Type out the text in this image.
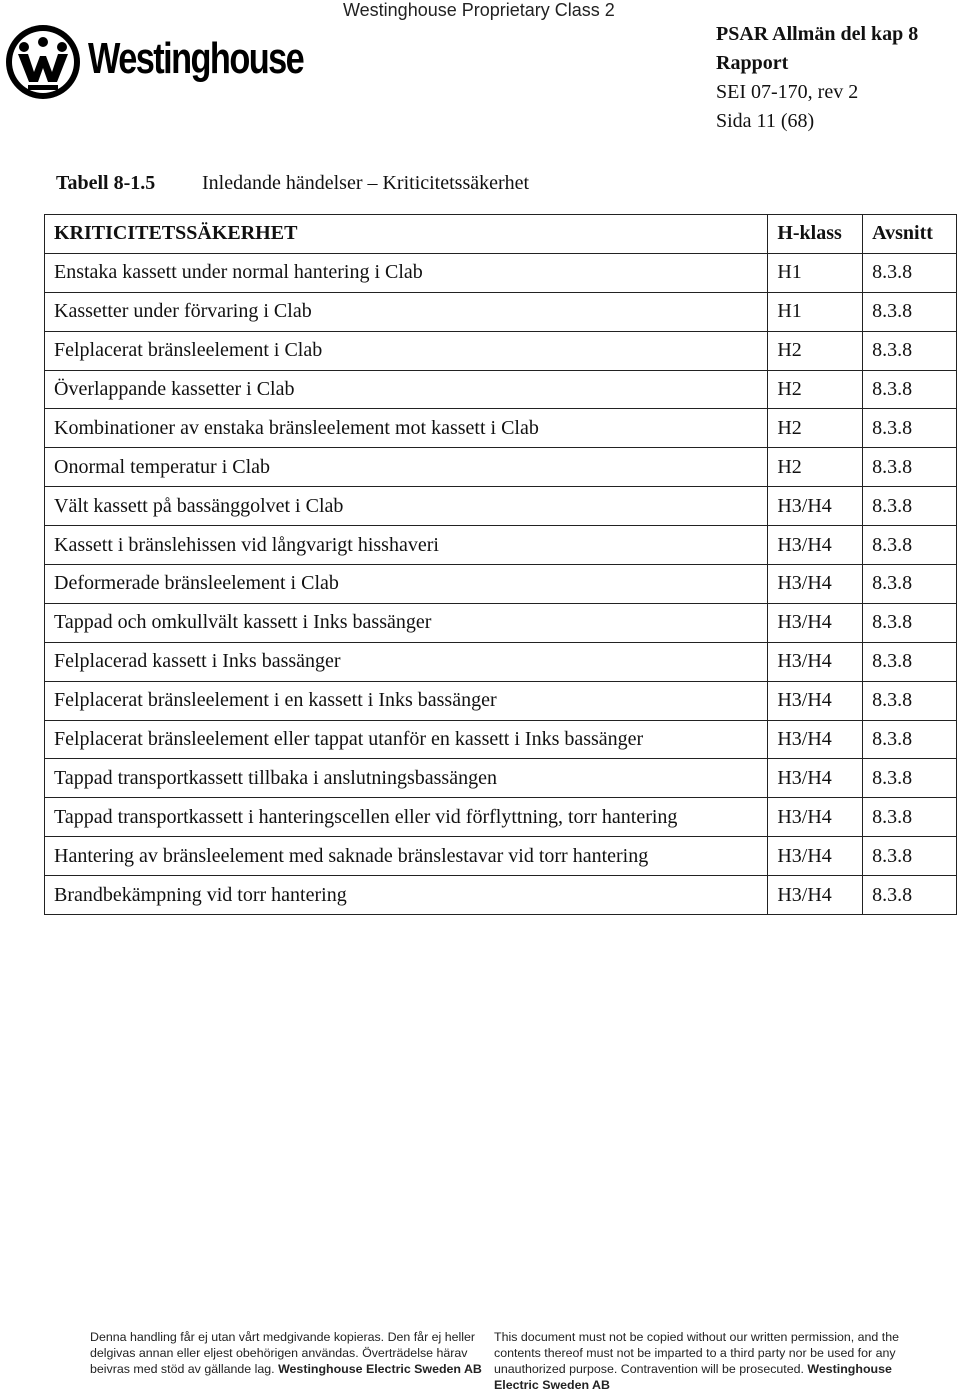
Westinghouse Proprietary Class 2
Westinghouse	PSAR Allmän del kap 8
Rapport
SEI 07-170, rev 2
Sida 11 (68)
Tabell 8-1.5 Inledande händelser – Kriticitetssäkerhet
KRITICITETSSÄKERHET	H-klass	Avsnitt
Enstaka kassett under normal hantering i Clab	H1	8.3.8
Kassetter under förvaring i Clab	H1	8.3.8
Felplacerat bränsleelement i Clab	H2	8.3.8
Överlappande kassetter i Clab	H2	8.3.8
Kombinationer av enstaka bränsleelement mot kassett i Clab	H2	8.3.8
Onormal temperatur i Clab	H2	8.3.8
Vält kassett på bassänggolvet i Clab	H3/H4	8.3.8
Kassett i bränslehissen vid långvarigt hisshaveri	H3/H4	8.3.8
Deformerade bränsleelement i Clab	H3/H4	8.3.8
Tappad och omkullvält kassett i Inks bassänger	H3/H4	8.3.8
Felplacerad kassett i Inks bassänger	H3/H4	8.3.8
Felplacerat bränsleelement i en kassett i Inks bassänger	H3/H4	8.3.8
Felplacerat bränsleelement eller tappat utanför en kassett i Inks bassänger	H3/H4	8.3.8
Tappad transportkassett tillbaka i anslutningsbassängen	H3/H4	8.3.8
Tappad transportkassett i hanteringscellen eller vid förflyttning, torr hantering	H3/H4	8.3.8
Hantering av bränsleelement med saknade bränslestavar vid torr hantering	H3/H4	8.3.8
Brandbekämpning vid torr hantering	H3/H4	8.3.8
Denna handling får ej utan vårt medgivande kopieras. Den får ej heller delgivas annan eller eljest obehörigen användas. Överträdelse härav beivras med stöd av gällande lag. Westinghouse Electric Sweden AB
This document must not be copied without our written permission, and the contents thereof must not be imparted to a third party nor be used for any unauthorized purpose. Contravention will be prosecuted. Westinghouse Electric Sweden AB
